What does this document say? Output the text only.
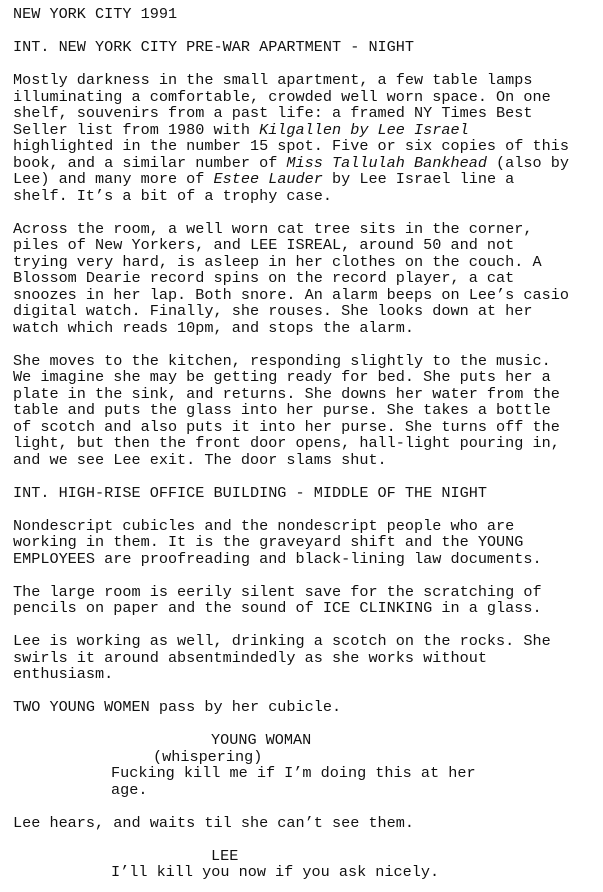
NEW YORK CITY 1991
INT. NEW YORK CITY PRE-WAR APARTMENT - NIGHT
Mostly darkness in the small apartment, a few table lamps
illuminating a comfortable, crowded well worn space. On one
shelf, souvenirs from a past life: a framed NY Times Best
Seller list from 1980 with Kilgallen by Lee Israel
highlighted in the number 15 spot. Five or six copies of this
book, and a similar number of Miss Tallulah Bankhead (also by
Lee) and many more of Estee Lauder by Lee Israel line a
shelf. It’s a bit of a trophy case.
Across the room, a well worn cat tree sits in the corner,
piles of New Yorkers, and LEE ISREAL, around 50 and not
trying very hard, is asleep in her clothes on the couch. A
Blossom Dearie record spins on the record player, a cat
snoozes in her lap. Both snore. An alarm beeps on Lee’s casio
digital watch. Finally, she rouses. She looks down at her
watch which reads 10pm, and stops the alarm.
She moves to the kitchen, responding slightly to the music.
We imagine she may be getting ready for bed. She puts her a
plate in the sink, and returns. She downs her water from the
table and puts the glass into her purse. She takes a bottle
of scotch and also puts it into her purse. She turns off the
light, but then the front door opens, hall-light pouring in,
and we see Lee exit. The door slams shut.
INT. HIGH-RISE OFFICE BUILDING - MIDDLE OF THE NIGHT
Nondescript cubicles and the nondescript people who are
working in them. It is the graveyard shift and the YOUNG
EMPLOYEES are proofreading and black-lining law documents.
The large room is eerily silent save for the scratching of
pencils on paper and the sound of ICE CLINKING in a glass.
Lee is working as well, drinking a scotch on the rocks. She
swirls it around absentmindedly as she works without
enthusiasm.
TWO YOUNG WOMEN pass by her cubicle.
YOUNG WOMAN
(whispering)
Fucking kill me if I’m doing this at her
age.
Lee hears, and waits til she can’t see them.
LEE
I’ll kill you now if you ask nicely.
